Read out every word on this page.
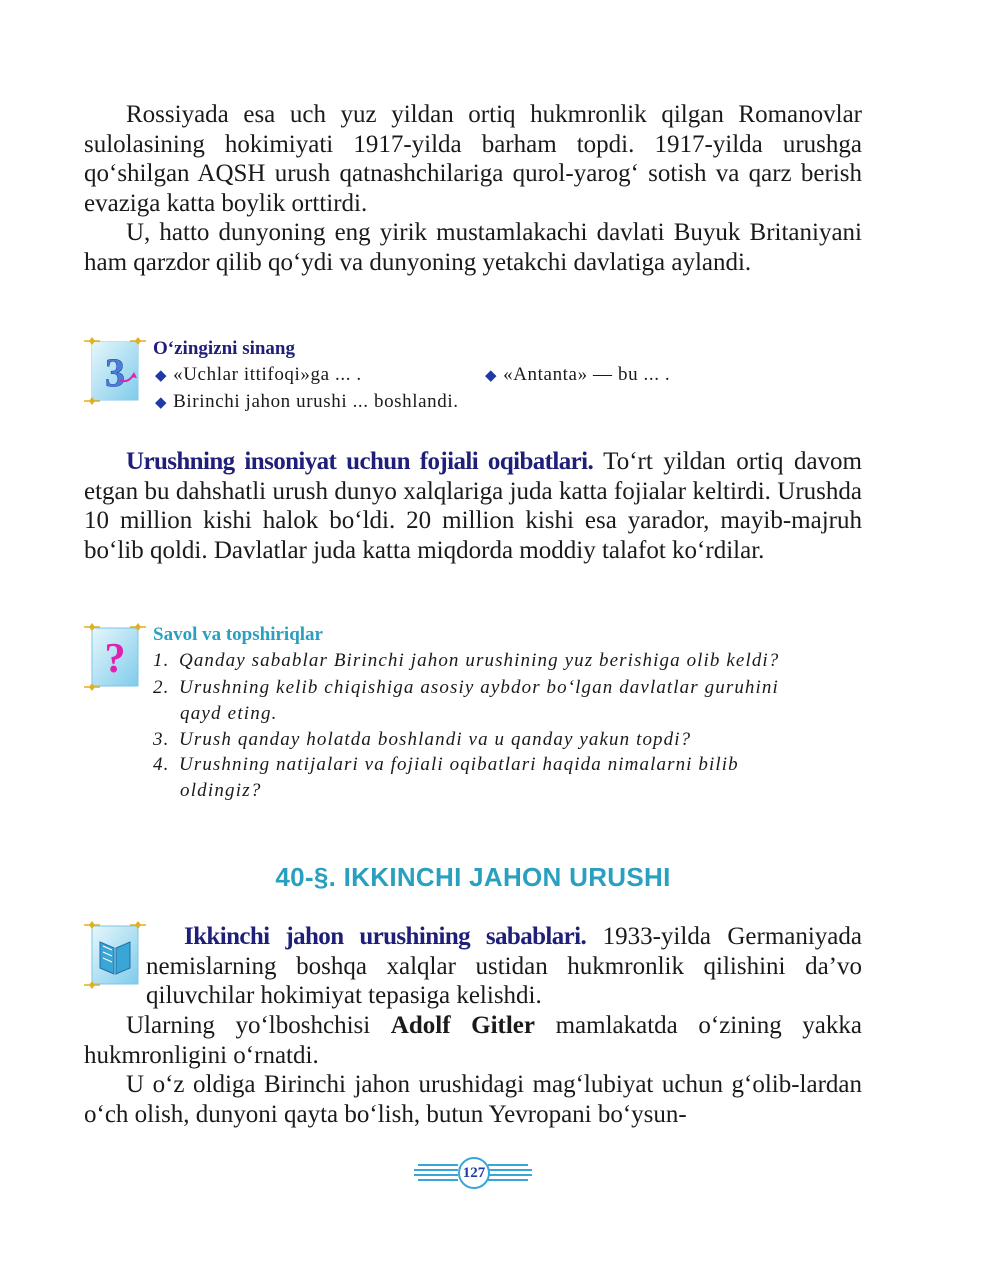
Rossiyada esa uch yuz yildan ortiq hukmronlik qilgan Romanovlar sulolasining hokimiyati 1917-yilda barham topdi. 1917-yilda urushga qo‘shilgan AQSH urush qatnashchilariga qurol-yarog‘ sotish va qarz berish evaziga katta boylik orttirdi.

U, hatto dunyoning eng yirik mustamlakachi davlati Buyuk Britaniyani ham qarzdor qilib qo‘ydi va dunyoning yetakchi davlatiga aylandi.

3
O‘zingizni sinang
◆ «Uchlar ittifoqi»ga ... .	◆ «Antanta» — bu ... .
◆ Birinchi jahon urushi ... boshlandi.

Urushning insoniyat uchun fojiali oqibatlari. To‘rt yildan ortiq davom etgan bu dahshatli urush dunyo xalqlariga juda katta fojialar keltirdi. Urushda 10 million kishi halok bo‘ldi. 20 million kishi esa yarador, mayib-majruh bo‘lib qoldi. Davlatlar juda katta miqdorda moddiy talafot ko‘rdilar.

?
Savol va topshiriqlar
1. Qanday sabablar Birinchi jahon urushining yuz berishiga olib keldi?
2. Urushning kelib chiqishiga asosiy aybdor bo‘lgan davlatlar guruhini
qayd eting.
3. Urush qanday holatda boshlandi va u qanday yakun topdi?
4. Urushning natijalari va fojiali oqibatlari haqida nimalarni bilib
oldingiz?
40-§. IKKINCHI JAHON URUSHI

Ikkinchi jahon urushining sabablari. 1933-yilda Germaniyada nemislarning boshqa xalqlar ustidan hukmronlik qilishini da’vo qiluvchilar hokimiyat tepasiga kelishdi.

Ularning yo‘lboshchisi Adolf Gitler mamlakatda o‘zining yakka hukmronligini o‘rnatdi.

U o‘z oldiga Birinchi jahon urushidagi mag‘lubiyat uchun g‘olib-lardan o‘ch olish, dunyoni qayta bo‘lish, butun Yevropani bo‘ysun-

127
